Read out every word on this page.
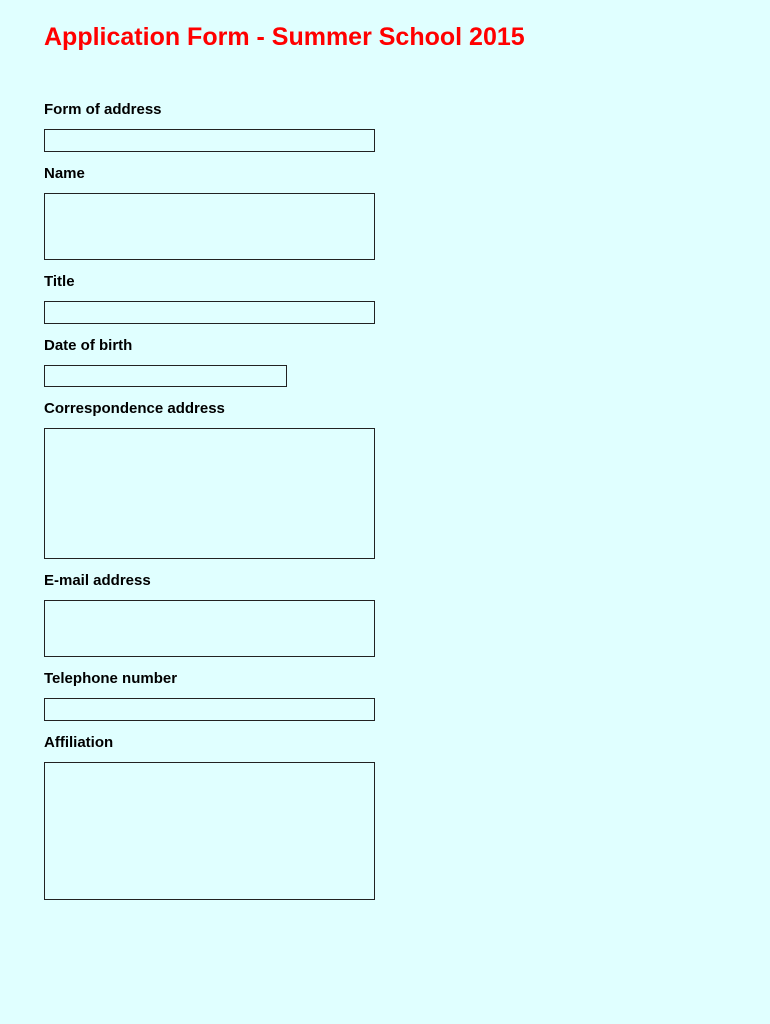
Application Form - Summer School 2015
Form of address
Name
Title
Date of birth
Correspondence address
E-mail address
Telephone number
Affiliation
